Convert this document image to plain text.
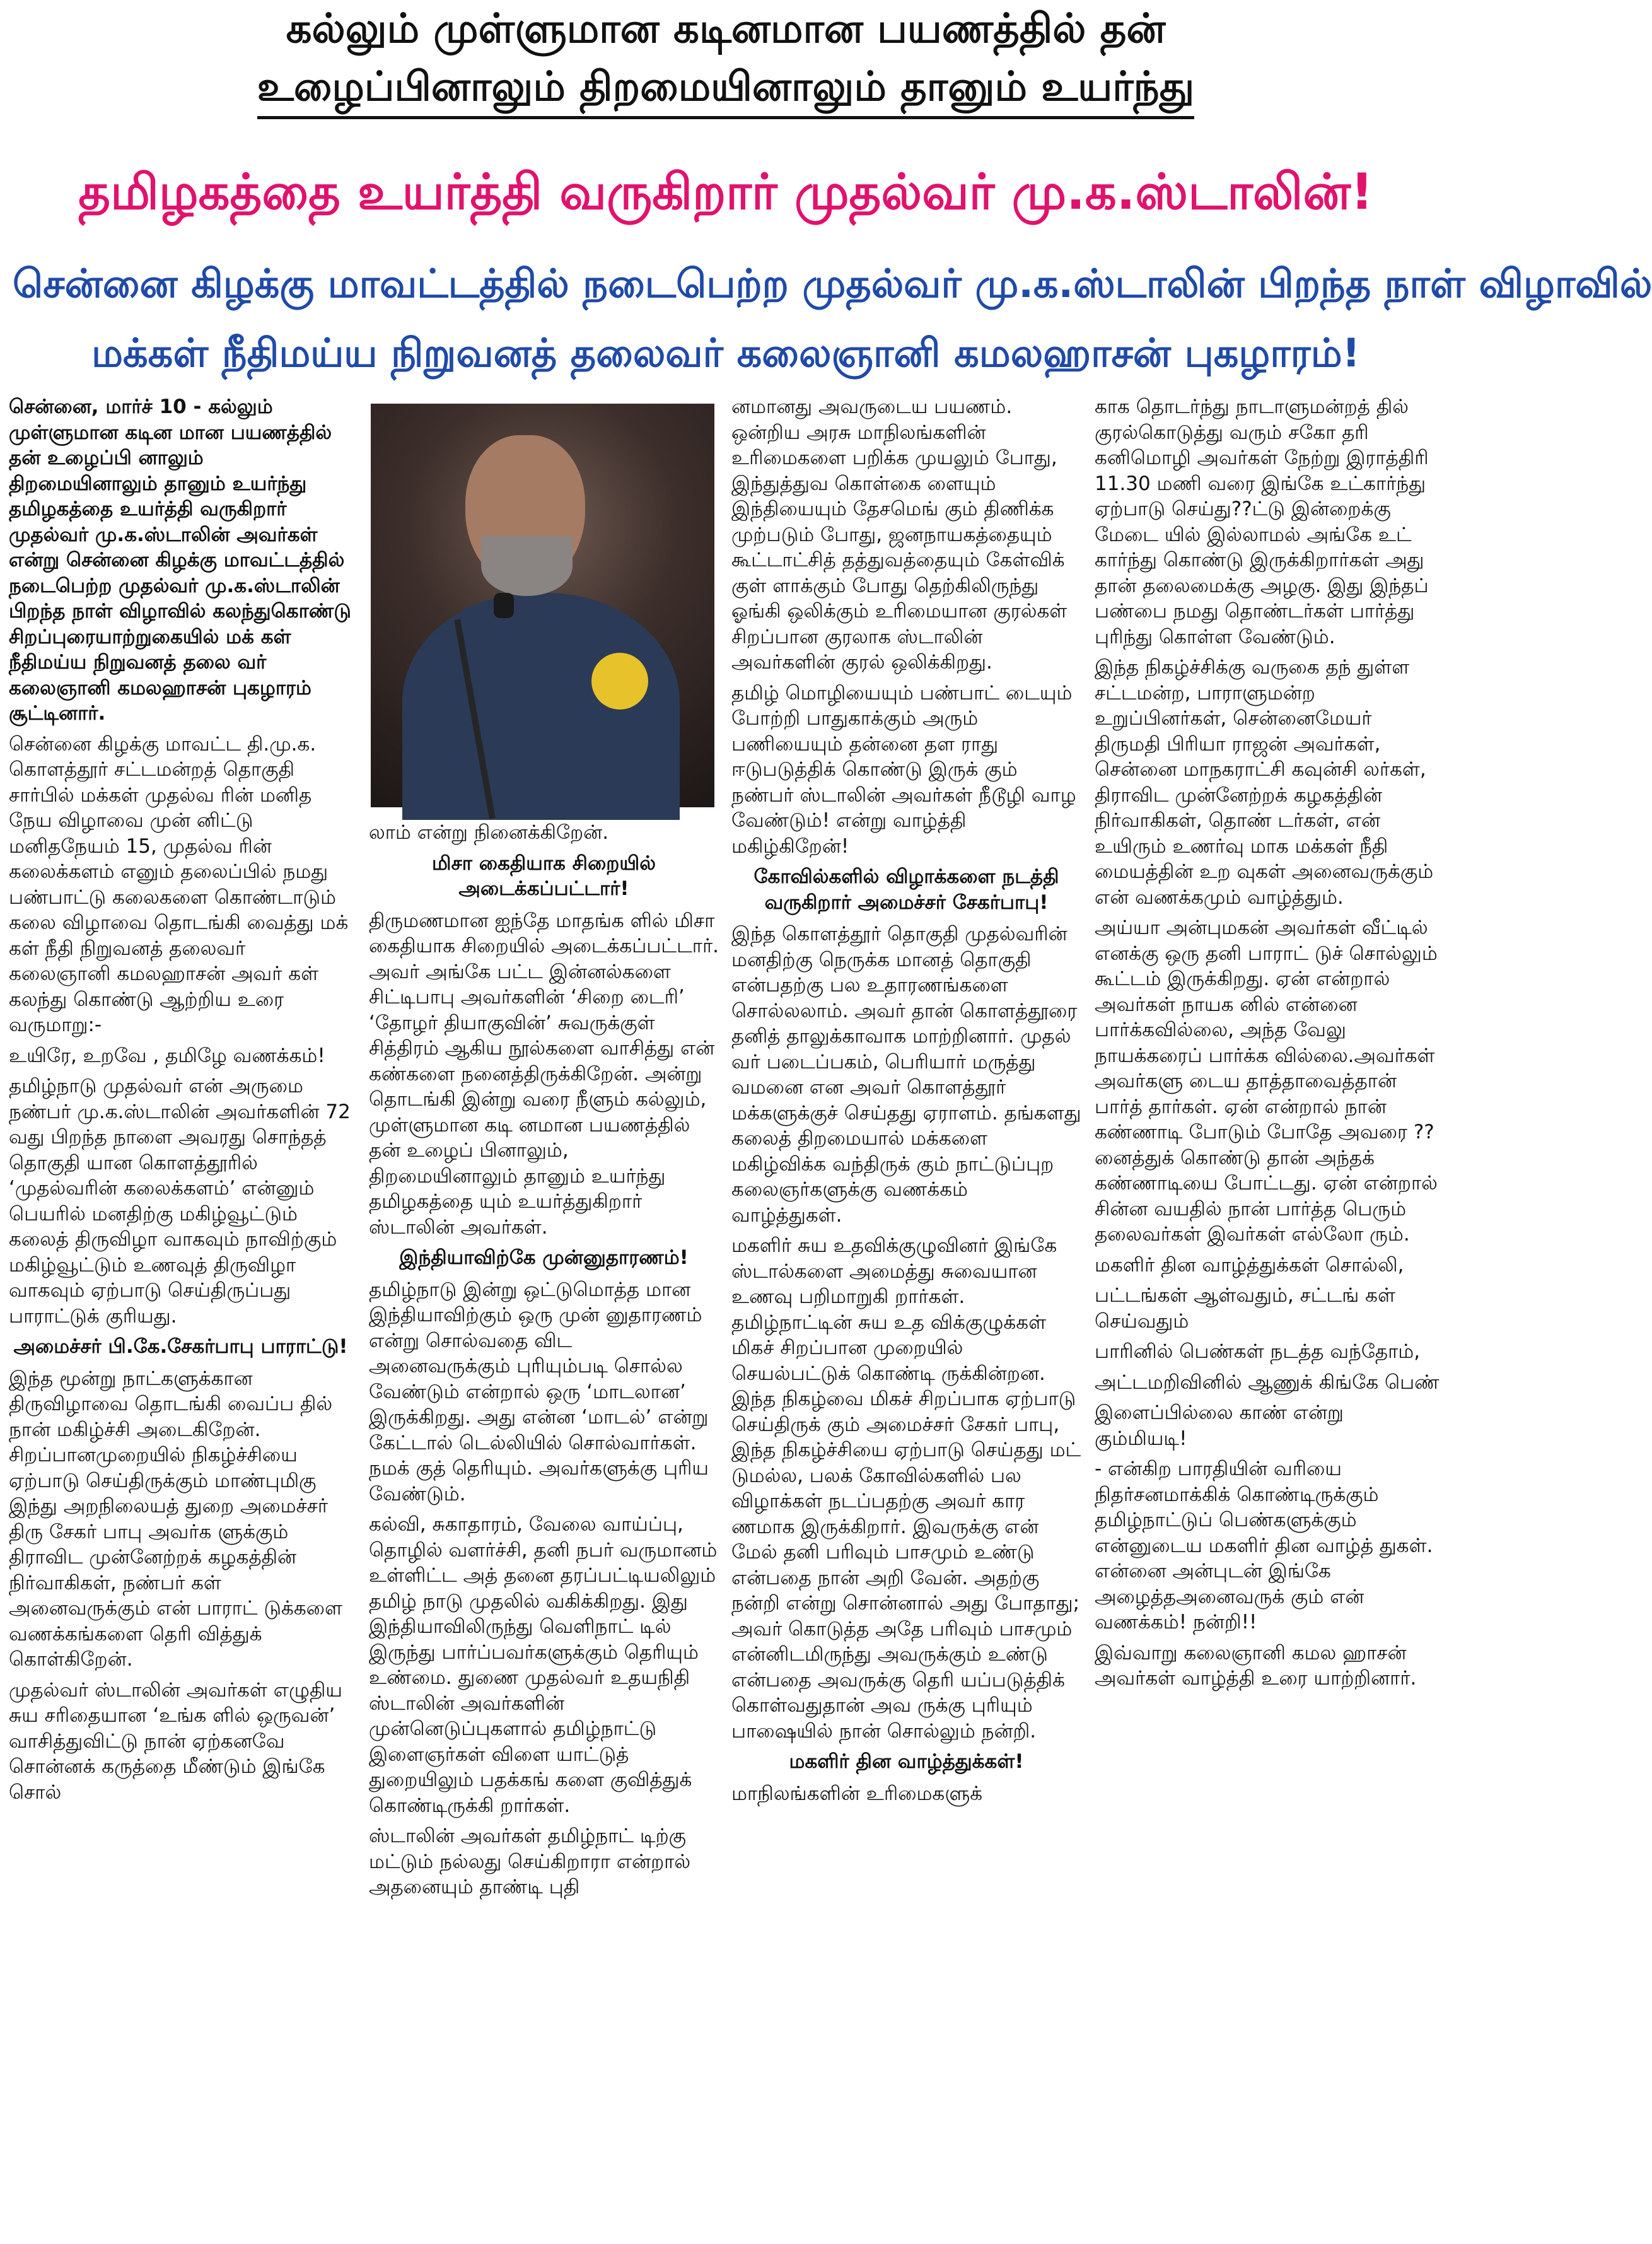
கல்லும் முள்ளுமான கடினமான பயணத்தில் தன்
உழைப்பினாலும் திறமையினாலும் தானும் உயர்ந்து
தமிழகத்தை உயர்த்தி வருகிறார் முதல்வர் மு.க.ஸ்டாலின்!
சென்னை கிழக்கு மாவட்டத்தில் நடைபெற்ற முதல்வர் மு.க.ஸ்டாலின் பிறந்த நாள் விழாவில்
மக்கள் நீதிமய்ய நிறுவனத் தலைவர் கலைஞானி கமலஹாசன் புகழாரம்!

சென்னை, மார்ச் 10 - கல்லும் முள்ளுமான கடின மான பயணத்தில் தன் உழைப்பி னாலும் திறமையினாலும் தானும் உயர்ந்து தமிழகத்தை உயர்த்தி வருகிறார் முதல்வர் மு.க.ஸ்டாலின் அவர்கள் என்று சென்னை கிழக்கு மாவட்டத்தில் நடைபெற்ற முதல்வர் மு.க.ஸ்டாலின் பிறந்த நாள் விழாவில் கலந்துகொண்டு சிறப்புரையாற்றுகையில் மக் கள் நீதிமய்ய நிறுவனத் தலை வர் கலைஞானி கமலஹாசன் புகழாரம் சூட்டினார்.

சென்னை கிழக்கு மாவட்ட தி.மு.க. கொளத்தூர் சட்டமன்றத் தொகுதி சார்பில் மக்கள் முதல்வ ரின் மனித நேய விழாவை முன் னிட்டு மனிதநேயம் 15, முதல்வ ரின் கலைக்களம் எனும் தலைப்பில் நமது பண்பாட்டு கலைகளை கொண்டாடும் கலை விழாவை தொடங்கி வைத்து மக் கள் நீதி நிறுவனத் தலைவர் கலைஞானி கமலஹாசன் அவர் கள் கலந்து கொண்டு ஆற்றிய உரை வருமாறு:-

உயிரே, உறவே , தமிழே வணக்கம்!

தமிழ்நாடு முதல்வர் என் அருமை நண்பர் மு.க.ஸ்டாலின் அவர்களின் 72 வது பிறந்த நாளை அவரது சொந்தத் தொகுதி யான கொளத்தூரில் ‘முதல்வரின் கலைக்களம்’ என்னும் பெயரில் மனதிற்கு மகிழ்வூட்டும் கலைத் திருவிழா வாகவும் நாவிற்கும் மகிழ்வூட்டும் உணவுத் திருவிழா வாகவும் ஏற்பாடு செய்திருப்பது பாராட்டுக் குரியது.

அமைச்சர் பி.கே.சேகர்பாபு பாராட்டு!

இந்த மூன்று நாட்களுக்கான திருவிழாவை தொடங்கி வைப்ப தில் நான் மகிழ்ச்சி அடைகிறேன். சிறப்பானமுறையில் நிகழ்ச்சியை ஏற்பாடு செய்திருக்கும் மாண்புமிகு இந்து அறநிலையத் துறை அமைச்சர் திரு சேகர் பாபு அவர்க ளுக்கும் திராவிட முன்னேற்றக் கழகத்தின் நிர்வாகிகள், நண்பர் கள் அனைவருக்கும் என் பாராட் டுக்களை வணக்கங்களை தெரி வித்துக் கொள்கிறேன்.

முதல்வர் ஸ்டாலின் அவர்கள் எழுதிய சுய சரிதையான ‘உங்க ளில் ஒருவன்’ வாசித்துவிட்டு நான் ஏற்கனவே சொன்னக் கருத்தை மீண்டும் இங்கே சொல்

லாம் என்று நினைக்கிறேன்.

மிசா கைதியாக சிறையில் அடைக்கப்பட்டார்!

திருமணமான ஐந்தே மாதங்க ளில் மிசா கைதியாக சிறையில் அடைக்கப்பட்டார். அவர் அங்கே பட்ட இன்னல்களை சிட்டிபாபு அவர்களின் ‘சிறை டைரி’ ‘தோழர் தியாகுவின்’ சுவருக்குள் சித்திரம் ஆகிய நூல்களை வாசித்து என் கண்களை நனைத்திருக்கிறேன். அன்று தொடங்கி இன்று வரை நீளும் கல்லும், முள்ளுமான கடி னமான பயணத்தில் தன் உழைப் பினாலும், திறமையினாலும் தானும் உயர்ந்து தமிழகத்தை யும் உயர்த்துகிறார் ஸ்டாலின் அவர்கள்.

இந்தியாவிற்கே முன்னுதாரணம்!

தமிழ்நாடு இன்று ஒட்டுமொத்த மான இந்தியாவிற்கும் ஒரு முன் னுதாரணம் என்று சொல்வதை விட அனைவருக்கும் புரியும்படி சொல்ல வேண்டும் என்றால் ஒரு ‘மாடலான’ இருக்கிறது. அது என்ன ‘மாடல்’ என்று கேட்டால் டெல்லியில் சொல்வார்கள். நமக் குத் தெரியும். அவர்களுக்கு புரிய வேண்டும்.

கல்வி, சுகாதாரம், வேலை வாய்ப்பு, தொழில் வளர்ச்சி, தனி நபர் வருமானம் உள்ளிட்ட அத் தனை தரப்பட்டியலிலும் தமிழ் நாடு முதலில் வகிக்கிறது. இது இந்தியாவிலிருந்து வெளிநாட் டில் இருந்து பார்ப்பவர்களுக்கும் தெரியும் உண்மை. துணை முதல்வர் உதயநிதி ஸ்டாலின் அவர்களின் முன்னெடுப்புகளால் தமிழ்நாட்டு இளைஞர்கள் விளை யாட்டுத் துறையிலும் பதக்கங் களை குவித்துக் கொண்டிருக்கி றார்கள்.

ஸ்டாலின் அவர்கள் தமிழ்நாட் டிற்கு மட்டும் நல்லது செய்கிறாரா என்றால் அதனையும் தாண்டி புதி

னமானது அவருடைய பயணம். ஒன்றிய அரசு மாநிலங்களின் உரிமைகளை பறிக்க முயலும் போது, இந்துத்துவ கொள்கை ளையும் இந்தியையும் தேசமெங் கும் திணிக்க முற்படும் போது, ஜனநாயகத்தையும் கூட்டாட்சித் தத்துவத்தையும் கேள்விக் குள் ளாக்கும் போது தெற்கிலிருந்து ஓங்கி ஒலிக்கும் உரிமையான குரல்கள் சிறப்பான குரலாக ஸ்டாலின் அவர்களின் குரல் ஒலிக்கிறது.

தமிழ் மொழியையும் பண்பாட் டையும் போற்றி பாதுகாக்கும் அரும் பணியையும் தன்னை தள ராது ஈடுபடுத்திக் கொண்டு இருக் கும் நண்பர் ஸ்டாலின் அவர்கள் நீடூழி வாழ வேண்டும்! என்று வாழ்த்தி மகிழ்கிறேன்!

கோவில்களில் விழாக்களை நடத்தி வருகிறார் அமைச்சர் சேகர்பாபு!

இந்த கொளத்தூர் தொகுதி முதல்வரின் மனதிற்கு நெருக்க மானத் தொகுதி என்பதற்கு பல உதாரணங்களை சொல்லலாம். அவர் தான் கொளத்தூரை தனித் தாலுக்காவாக மாற்றினார். முதல் வர் படைப்பகம், பெரியார் மருத்து வமனை என அவர் கொளத்தூர் மக்களுக்குச் செய்தது ஏராளம். தங்களது கலைத் திறமையால் மக்களை மகிழ்விக்க வந்திருக் கும் நாட்டுப்புற கலைஞர்களுக்கு வணக்கம் வாழ்த்துகள்.

மகளிர் சுய உதவிக்குழுவினர் இங்கே ஸ்டால்களை அமைத்து சுவையான உணவு பறிமாறுகி றார்கள். தமிழ்நாட்டின் சுய உத விக்குழுக்கள் மிகச் சிறப்பான முறையில் செயல்பட்டுக் கொண்டி ருக்கின்றன. இந்த நிகழ்வை மிகச் சிறப்பாக ஏற்பாடு செய்திருக் கும் அமைச்சர் சேகர் பாபு, இந்த நிகழ்ச்சியை ஏற்பாடு செய்தது மட் டுமல்ல, பலக் கோவில்களில் பல விழாக்கள் நடப்பதற்கு அவர் கார ணமாக இருக்கிறார். இவருக்கு என் மேல் தனி பரிவும் பாசமும் உண்டு என்பதை நான் அறி வேன். அதற்கு நன்றி என்று சொன்னால் அது போதாது; அவர் கொடுத்த அதே பரிவும் பாசமும் என்னிடமிருந்து அவருக்கும் உண்டு என்பதை அவருக்கு தெரி யப்படுத்திக் கொள்வதுதான் அவ ருக்கு புரியும் பாஷையில் நான் சொல்லும் நன்றி.

மகளிர் தின வாழ்த்துக்கள்!

மாநிலங்களின் உரிமைகளுக்

காக தொடர்ந்து நாடாளுமன்றத் தில் குரல்கொடுத்து வரும் சகோ தரி கனிமொழி அவர்கள் நேற்று இராத்திரி 11.30 மணி வரை இங்கே உட்கார்ந்து ஏற்பாடு செய்து??ட்டு இன்றைக்கு மேடை யில் இல்லாமல் அங்கே உட் கார்ந்து கொண்டு இருக்கிறார்கள் அது தான் தலைமைக்கு அழகு. இது இந்தப் பண்பை நமது தொண்டர்கள் பார்த்து புரிந்து கொள்ள வேண்டும்.

இந்த நிகழ்ச்சிக்கு வருகை தந் துள்ள சட்டமன்ற, பாராளுமன்ற உறுப்பினர்கள், சென்னைமேயர் திருமதி பிரியா ராஜன் அவர்கள், சென்னை மாநகராட்சி கவுன்சி லர்கள், திராவிட முன்னேற்றக் கழகத்தின் நிர்வாகிகள், தொண் டர்கள், என் உயிரும் உணர்வு மாக மக்கள் நீதி மையத்தின் உற வுகள் அனைவருக்கும் என் வணக்கமும் வாழ்த்தும்.

அய்யா அன்புமகன் அவர்கள் வீட்டில் எனக்கு ஒரு தனி பாராட் டுச் சொல்லும் கூட்டம் இருக்கிறது. ஏன் என்றால் அவர்கள் நாயக னில் என்னை பார்க்கவில்லை, அந்த வேலு நாயக்கரைப் பார்க்க வில்லை.அவர்கள் அவர்களு டைய தாத்தாவைத்தான் பார்த் தார்கள். ஏன் என்றால் நான் கண்ணாடி போடும் போதே அவரை ??னைத்துக் கொண்டு தான் அந்தக் கண்ணாடியை போட்டது. ஏன் என்றால் சின்ன வயதில் நான் பார்த்த பெரும் தலைவர்கள் இவர்கள் எல்லோ ரும்.

மகளிர் தின வாழ்த்துக்கள் சொல்லி,

பட்டங்கள் ஆள்வதும், சட்டங் கள் செய்வதும்

பாரினில் பெண்கள் நடத்த வந்தோம்,

அட்டமறிவினில் ஆணுக் கிங்கே பெண்

இளைப்பில்லை காண் என்று கும்மியடி!

- என்கிற பாரதியின் வரியை நிதர்சனமாக்கிக் கொண்டிருக்கும் தமிழ்நாட்டுப் பெண்களுக்கும் என்னுடைய மகளிர் தின வாழ்த் துகள். என்னை அன்புடன் இங்கே அழைத்தஅனைவருக் கும் என் வணக்கம்! நன்றி!!

இவ்வாறு கலைஞானி கமல ஹாசன் அவர்கள் வாழ்த்தி உரை யாற்றினார்.
